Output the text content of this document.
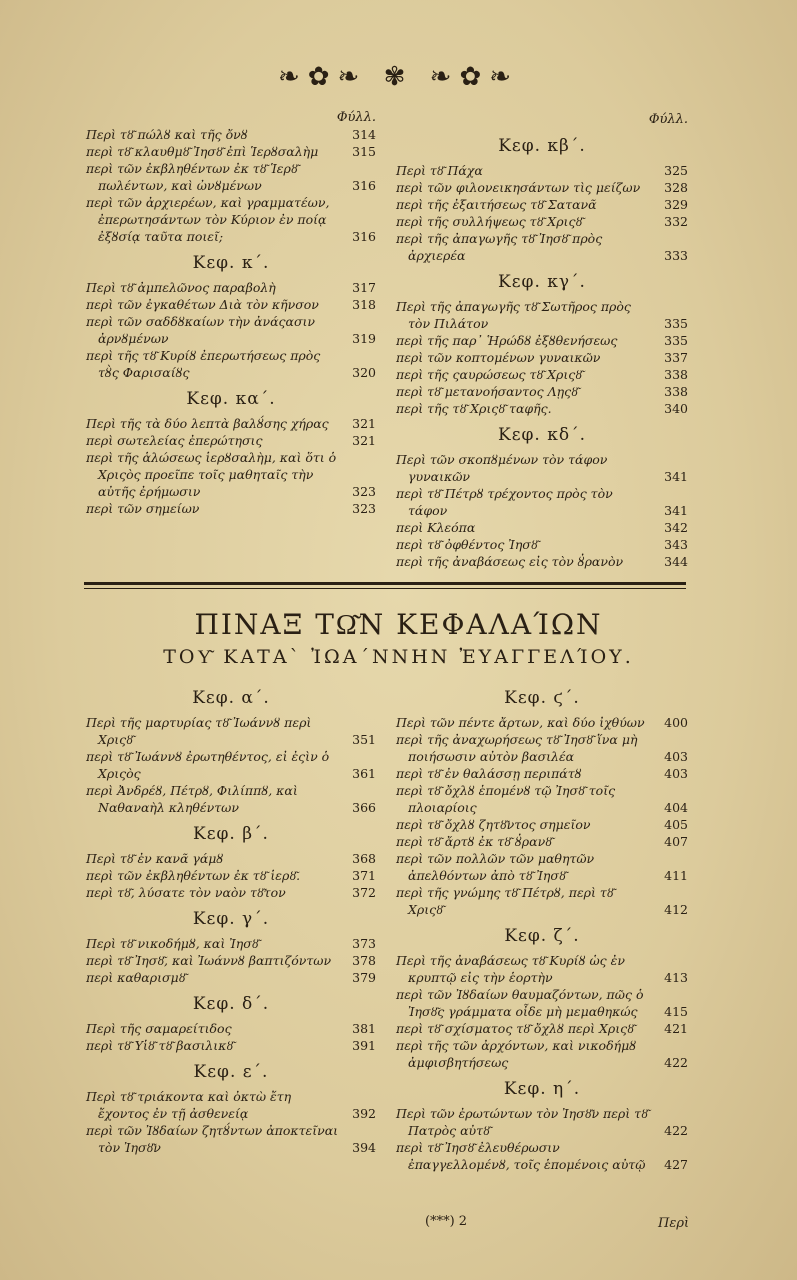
❧✿❧ ✾ ❧✿❧
Φύλλ.
Περὶ τȣ͂ πώλȣ καὶ τῆς ὄνȣ	314
περὶ τȣ͂ κλαυθμȣ͂ Ἰησȣ͂ ἐπὶ Ἱερȣσαλὴμ	315
περὶ τῶν ἐκβληθέντων ἐκ τȣ͂ Ἱερȣ͂ πωλέντων, καὶ ὠνȣμένων	316
περὶ τῶν ἀρχιερέων, καὶ γραμματέων, ἐπερωτησάντων τὸν Κύριον ἐν ποίᾳ ἐξȣσίᾳ ταῦτα ποιεῖ;	316
Κεφ. κ΄.
Περὶ τȣ͂ ἀμπελῶνος παραβολὴ	317
περὶ τῶν ἐγκαθέτων Διὰ τὸν κῆνσον	318
περὶ τῶν σαδδȣκαίων τὴν ἀνάςασιν ἀρνȣμένων	319
περὶ τῆς τȣ͂ Κυρίȣ ἐπερωτήσεως πρὸς τȣ̀ς Φαρισαίȣς	320
Κεφ. κα΄.
Περὶ τῆς τὰ δύο λεπτὰ βαλȣ́σης χήρας 321
περὶ σωτελείας ἐπερώτησις	321
περὶ τῆς ἁλώσεως ἱερȣσαλὴμ, καὶ ὅτι ὁ Χριςὸς προεῖπε τοῖς μαθηταῖς τὴν αὐτῆς ἐρήμωσιν	323
περὶ τῶν σημείων	323
Φύλλ.
Κεφ. κβ΄.
Περὶ τȣ͂ Πάχα	325
περὶ τῶν φιλονεικησάντων τὶς μείζων 328
περὶ τῆς ἐξαιτήσεως τȣ͂ Σατανᾶ	329
περὶ τῆς συλλήψεως τȣ͂ Χριςȣ͂	332
περὶ τῆς ἀπαγωγῆς τȣ͂ Ἰησȣ͂ πρὸς ἀρχιερέα	333
Κεφ. κγ΄.
Περὶ τῆς ἀπαγωγῆς τȣ͂ Σωτῆρος πρὸς τὸν Πιλάτον	335
περὶ τῆς παρ᾽ Ἡρώδȣ ἐξȣθενήσεως	335
περὶ τῶν κοπτομένων γυναικῶν	337
περὶ τῆς ςαυρώσεως τȣ͂ Χριςȣ͂	338
περὶ τȣ͂ μετανοήσαντος Λῃςȣ͂	338
περὶ τῆς τȣ͂ Χριςȣ͂ ταφῆς.	340
Κεφ. κδ΄.
Περὶ τῶν σκοπȣμένων τὸν τάφον γυναικῶν	341
περὶ τȣ͂ Πέτρȣ τρέχοντος πρὸς τὸν τάφον	341
περὶ Κλεόπα	342
περὶ τȣ͂ ὀφθέντος Ἰησȣ͂	343
περὶ τῆς ἀναβάσεως εἰς τὸν ȣ̓ρανὸν	344
ΠΙΝΑΞ ΤΩ͂Ν ΚΕΦΑΛΑΊΩΝ
ΤΟΥ͂ ΚΑΤΑ` ἸΩΑ´ΝΝΗΝ ἘΥΑΓΓΕΛΊΟΥ.
Κεφ. α΄.
Περὶ τῆς μαρτυρίας τȣ͂ Ἰωάννȣ περὶ Χριςȣ͂	351
περὶ τȣ͂ Ἰωάννȣ ἐρωτηθέντος, εἰ ἐςὶν ὁ Χριςὸς	361
περὶ Ἀνδρέȣ, Πέτρȣ, Φιλίππȣ, καὶ Ναθαναὴλ κληθέντων	366
Κεφ. β΄.
Περὶ τȣ͂ ἐν κανᾶ γάμȣ	368
περὶ τῶν ἐκβληθέντων ἐκ τȣ͂ ἱερȣ͂.	371
περὶ τȣ͂, λύσατε τὸν ναὸν τȣ͂τον	372
Κεφ. γ΄.
Περὶ τȣ͂ νικοδήμȣ, καὶ Ἰησȣ͂	373
περὶ τȣ͂ Ἰησȣ͂, καὶ Ἰωάννȣ βαπτιζόντων 378
περὶ καθαρισμȣ͂	379
Κεφ. δ΄.
Περὶ τῆς σαμαρείτιδος	381
περὶ τȣ͂ Υἱȣ͂ τȣ͂ βασιλικȣ͂	391
Κεφ. ε΄.
Περὶ τȣ͂ τριάκοντα καὶ ὀκτὼ ἔτη ἔχοντος ἐν τῇ ἀσθενείᾳ	392
περὶ τῶν Ἰȣδαίων ζητȣ́ντων ἀποκτεῖναι τὸν Ἰησȣ͂ν	394
Κεφ. ϛ΄.
Περὶ τῶν πέντε ἄρτων, καὶ δύο ἰχθύων 400
περὶ τῆς ἀναχωρήσεως τȣ͂ Ἰησȣ͂ ἵνα μὴ ποιήσωσιν αὐτὸν βασιλέα	403
περὶ τȣ͂ ἐν θαλάσσῃ περιπάτȣ	403
περὶ τȣ͂ ὄχλȣ ἑπομένȣ τῷ Ἰησȣ͂ τοῖς πλοιαρίοις	404
περὶ τȣ͂ ὄχλȣ ζητȣ͂ντος σημεῖον	405
περὶ τȣ͂ ἄρτȣ ἐκ τȣ͂ ȣ̓ρανȣ͂	407
περὶ τῶν πολλῶν τῶν μαθητῶν ἀπελθόντων ἀπὸ τȣ͂ Ἰησȣ͂	411
περὶ τῆς γνώμης τȣ͂ Πέτρȣ, περὶ τȣ͂ Χριςȣ͂	412
Κεφ. ζ΄.
Περὶ τῆς ἀναβάσεως τȣ͂ Κυρίȣ ὡς ἐν κρυπτῷ εἰς τὴν ἑορτὴν	413
περὶ τῶν Ἰȣδαίων θαυμαζόντων, πῶς ὁ Ἰησȣ͂ς γράμματα οἶδε μὴ μεμαθηκώς 415
περὶ τȣ͂ σχίσματος τȣ͂ ὄχλȣ περὶ Χριςȣ͂ 421
περὶ τῆς τῶν ἀρχόντων, καὶ νικοδήμȣ ἀμφισβητήσεως	422
Κεφ. η΄.
Περὶ τῶν ἐρωτώντων τὸν Ἰησȣ͂ν περὶ τȣ͂ Πατρὸς αὐτȣ͂	422
περὶ τȣ͂ Ἰησȣ͂ ἐλευθέρωσιν ἐπαγγελλομένȣ, τοῖς ἑπομένοις αὐτῷ 427
(***) 2	Περὶ
